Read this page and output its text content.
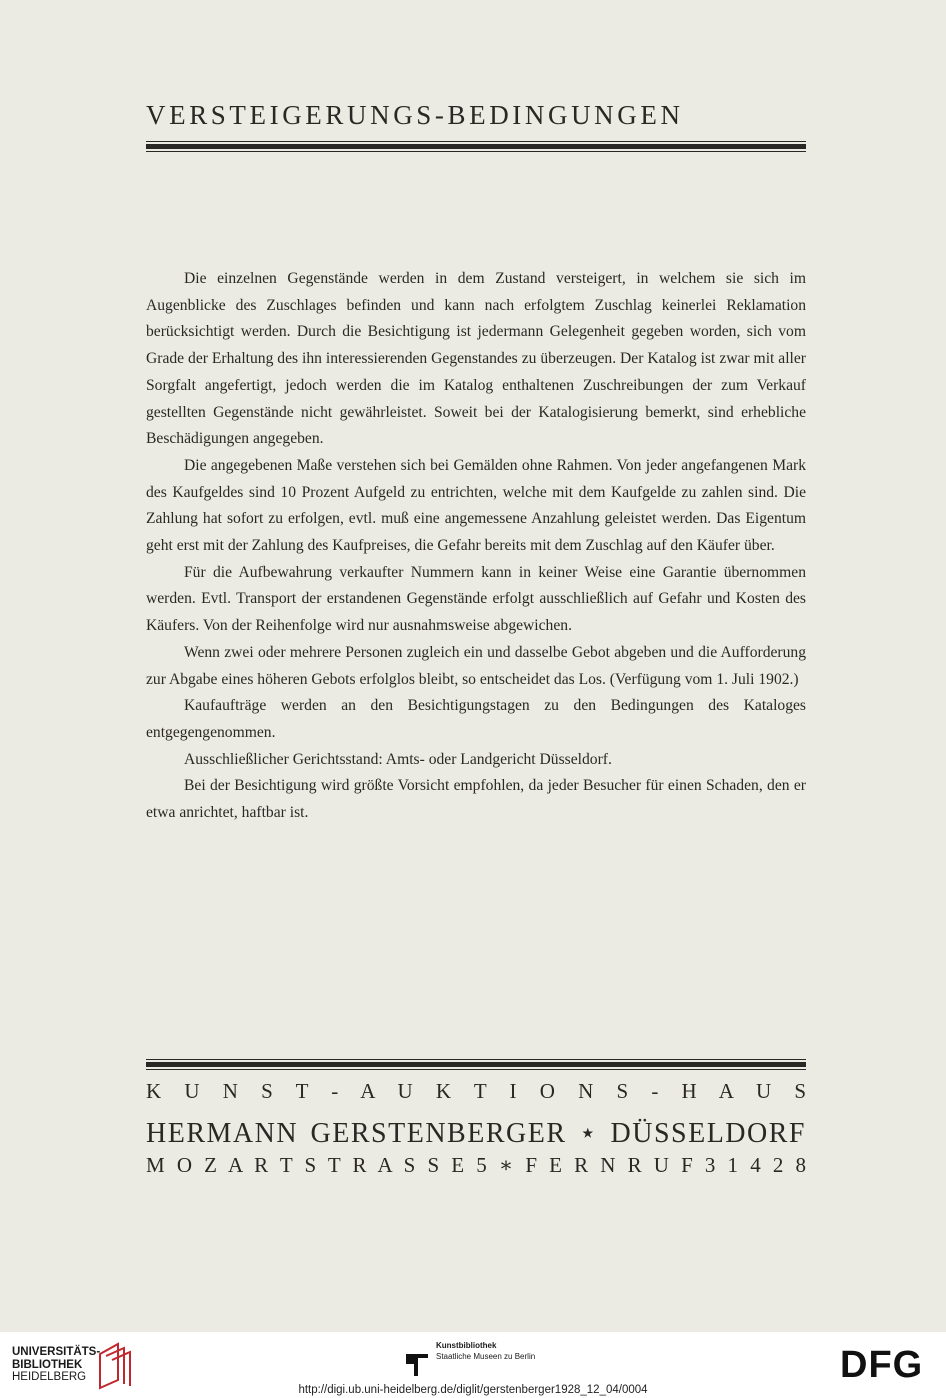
VERSTEIGERUNGS-BEDINGUNGEN

Die einzelnen Gegenstände werden in dem Zustand versteigert, in welchem sie sich im Augenblicke des Zuschlages befinden und kann nach erfolgtem Zuschlag keinerlei Reklamation berücksichtigt werden. Durch die Besichtigung ist jedermann Gelegenheit gegeben worden, sich vom Grade der Erhaltung des ihn interessierenden Gegenstandes zu überzeugen. Der Katalog ist zwar mit aller Sorgfalt angefertigt, jedoch werden die im Katalog enthaltenen Zuschreibungen der zum Verkauf gestellten Gegenstände nicht gewährleistet. Soweit bei der Katalogisierung bemerkt, sind erhebliche Beschädigungen angegeben.

Die angegebenen Maße verstehen sich bei Gemälden ohne Rahmen. Von jeder angefangenen Mark des Kaufgeldes sind 10 Prozent Aufgeld zu entrichten, welche mit dem Kaufgelde zu zahlen sind. Die Zahlung hat sofort zu erfolgen, evtl. muß eine angemessene Anzahlung geleistet werden. Das Eigentum geht erst mit der Zahlung des Kaufpreises, die Gefahr bereits mit dem Zuschlag auf den Käufer über.

Für die Aufbewahrung verkaufter Nummern kann in keiner Weise eine Garantie übernommen werden. Evtl. Transport der erstandenen Gegenstände erfolgt ausschließlich auf Gefahr und Kosten des Käufers. Von der Reihenfolge wird nur ausnahmsweise abgewichen.

Wenn zwei oder mehrere Personen zugleich ein und dasselbe Gebot abgeben und die Aufforderung zur Abgabe eines höheren Gebots erfolglos bleibt, so entscheidet das Los. (Verfügung vom 1. Juli 1902.)

Kaufaufträge werden an den Besichtigungstagen zu den Bedingungen des Kataloges entgegengenommen.

Ausschließlicher Gerichtsstand: Amts- oder Landgericht Düsseldorf.

Bei der Besichtigung wird größte Vorsicht empfohlen, da jeder Besucher für einen Schaden, den er etwa anrichtet, haftbar ist.

K U N S T - A U K T I O N S - H A U S
HERMANN GERSTENBERGER ⋆ DÜSSELDORF
M O Z A R T S T R A S S E 5 ∗ F E R N R U F 3 1 4 2 8
UNIVERSITÄTS-
BIBLIOTHEK
HEIDELBERG
Kunstbibliothek
Staatliche Museen zu Berlin	DFG
http://digi.ub.uni-heidelberg.de/diglit/gerstenberger1928_12_04/0004
